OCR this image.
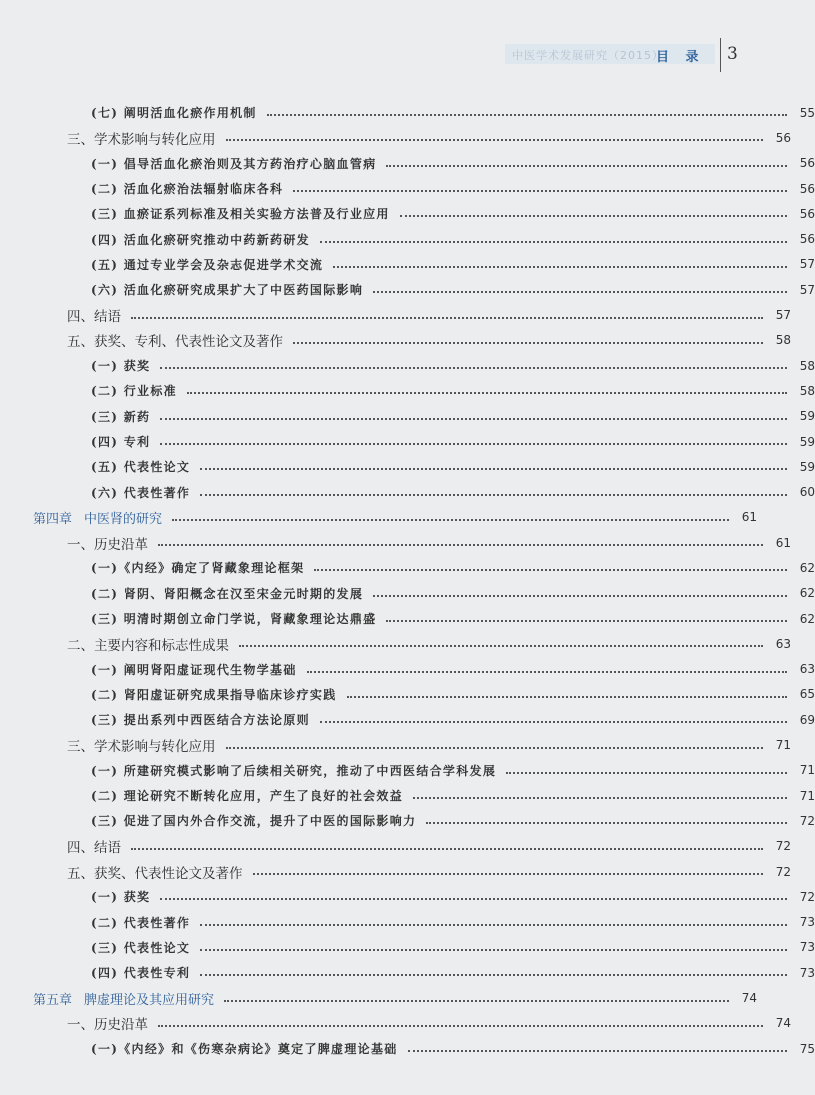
中医学术发展研究（2015）
目 录 3
(七) 阐明活血化瘀作用机制	55
三、学术影响与转化应用	56
(一) 倡导活血化瘀治则及其方药治疗心脑血管病	56
(二) 活血化瘀治法辐射临床各科	56
(三) 血瘀证系列标准及相关实验方法普及行业应用	56
(四) 活血化瘀研究推动中药新药研发	56
(五) 通过专业学会及杂志促进学术交流	57
(六) 活血化瘀研究成果扩大了中医药国际影响	57
四、结语	57
五、获奖、专利、代表性论文及著作	58
(一) 获奖	58
(二) 行业标准	58
(三) 新药	59
(四) 专利	59
(五) 代表性论文	59
(六) 代表性著作	60
第四章 中医肾的研究	61
一、历史沿革	61
(一)《内经》确定了肾藏象理论框架	62
(二) 肾阴、肾阳概念在汉至宋金元时期的发展	62
(三) 明清时期创立命门学说，肾藏象理论达鼎盛	62
二、主要内容和标志性成果	63
(一) 阐明肾阳虚证现代生物学基础	63
(二) 肾阳虚证研究成果指导临床诊疗实践	65
(三) 提出系列中西医结合方法论原则	69
三、学术影响与转化应用	71
(一) 所建研究模式影响了后续相关研究，推动了中西医结合学科发展	71
(二) 理论研究不断转化应用，产生了良好的社会效益	71
(三) 促进了国内外合作交流，提升了中医的国际影响力	72
四、结语	72
五、获奖、代表性论文及著作	72
(一) 获奖	72
(二) 代表性著作	73
(三) 代表性论文	73
(四) 代表性专利	73
第五章 脾虚理论及其应用研究	74
一、历史沿革	74
(一)《内经》和《伤寒杂病论》奠定了脾虚理论基础	75
